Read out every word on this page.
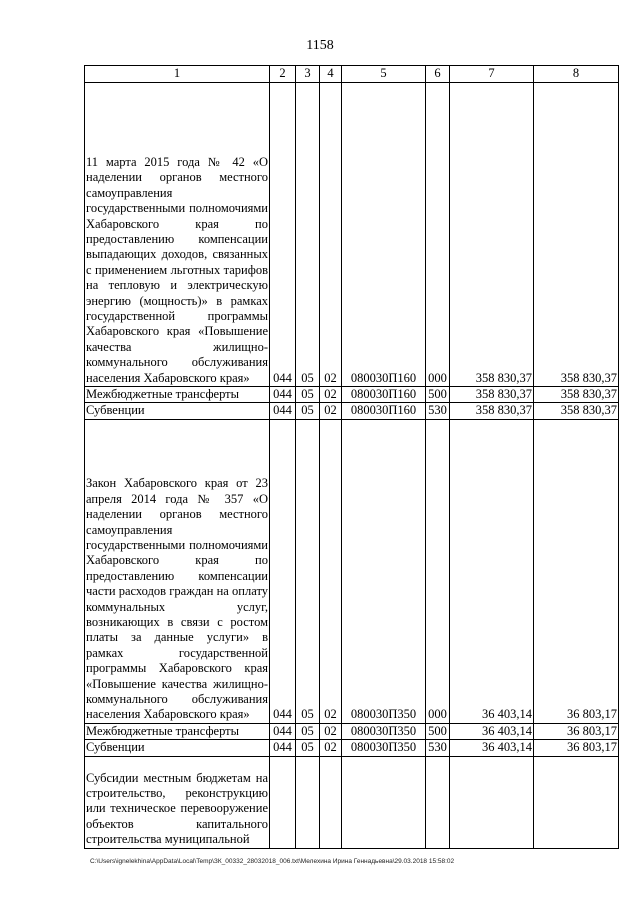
1158
1	2	3	4	5	6	7	8
11 марта 2015 года № 42 «О наделении органов местного самоуправления государственными полномочиями Хабаровского края по предоставлению компенсации выпадающих доходов, связанных с применением льготных тарифов на тепловую и электрическую энергию (мощность)» в рамках государственной программы Хабаровского края «Повышение качества жилищно-коммунального обслуживания населения Хабаровского края»	044	05	02	080030П160	000	358 830,37	358 830,37
Межбюджетные трансферты	044	05	02	080030П160	500	358 830,37	358 830,37
Субвенции	044	05	02	080030П160	530	358 830,37	358 830,37
Закон Хабаровского края от 23 апреля 2014 года № 357 «О наделении органов местного самоуправления государственными полномочиями Хабаровского края по предоставлению компенсации части расходов граждан на оплату коммунальных услуг, возникающих в связи с ростом платы за данные услуги» в рамках государственной программы Хабаровского края «Повышение качества жилищно-коммунального обслуживания населения Хабаровского края»	044	05	02	080030П350	000	36 403,14	36 803,17
Межбюджетные трансферты	044	05	02	080030П350	500	36 403,14	36 803,17
Субвенции	044	05	02	080030П350	530	36 403,14	36 803,17
Субсидии местным бюджетам на строительство, реконструкцию или техническое перевооружение объектов капитального строительства муниципальной							
C:\Users\ignelekhina\AppData\Local\Temp\ЗК_00332_28032018_006.txt\Мелехина Ирина Геннадьевна\29.03.2018 15:58:02
